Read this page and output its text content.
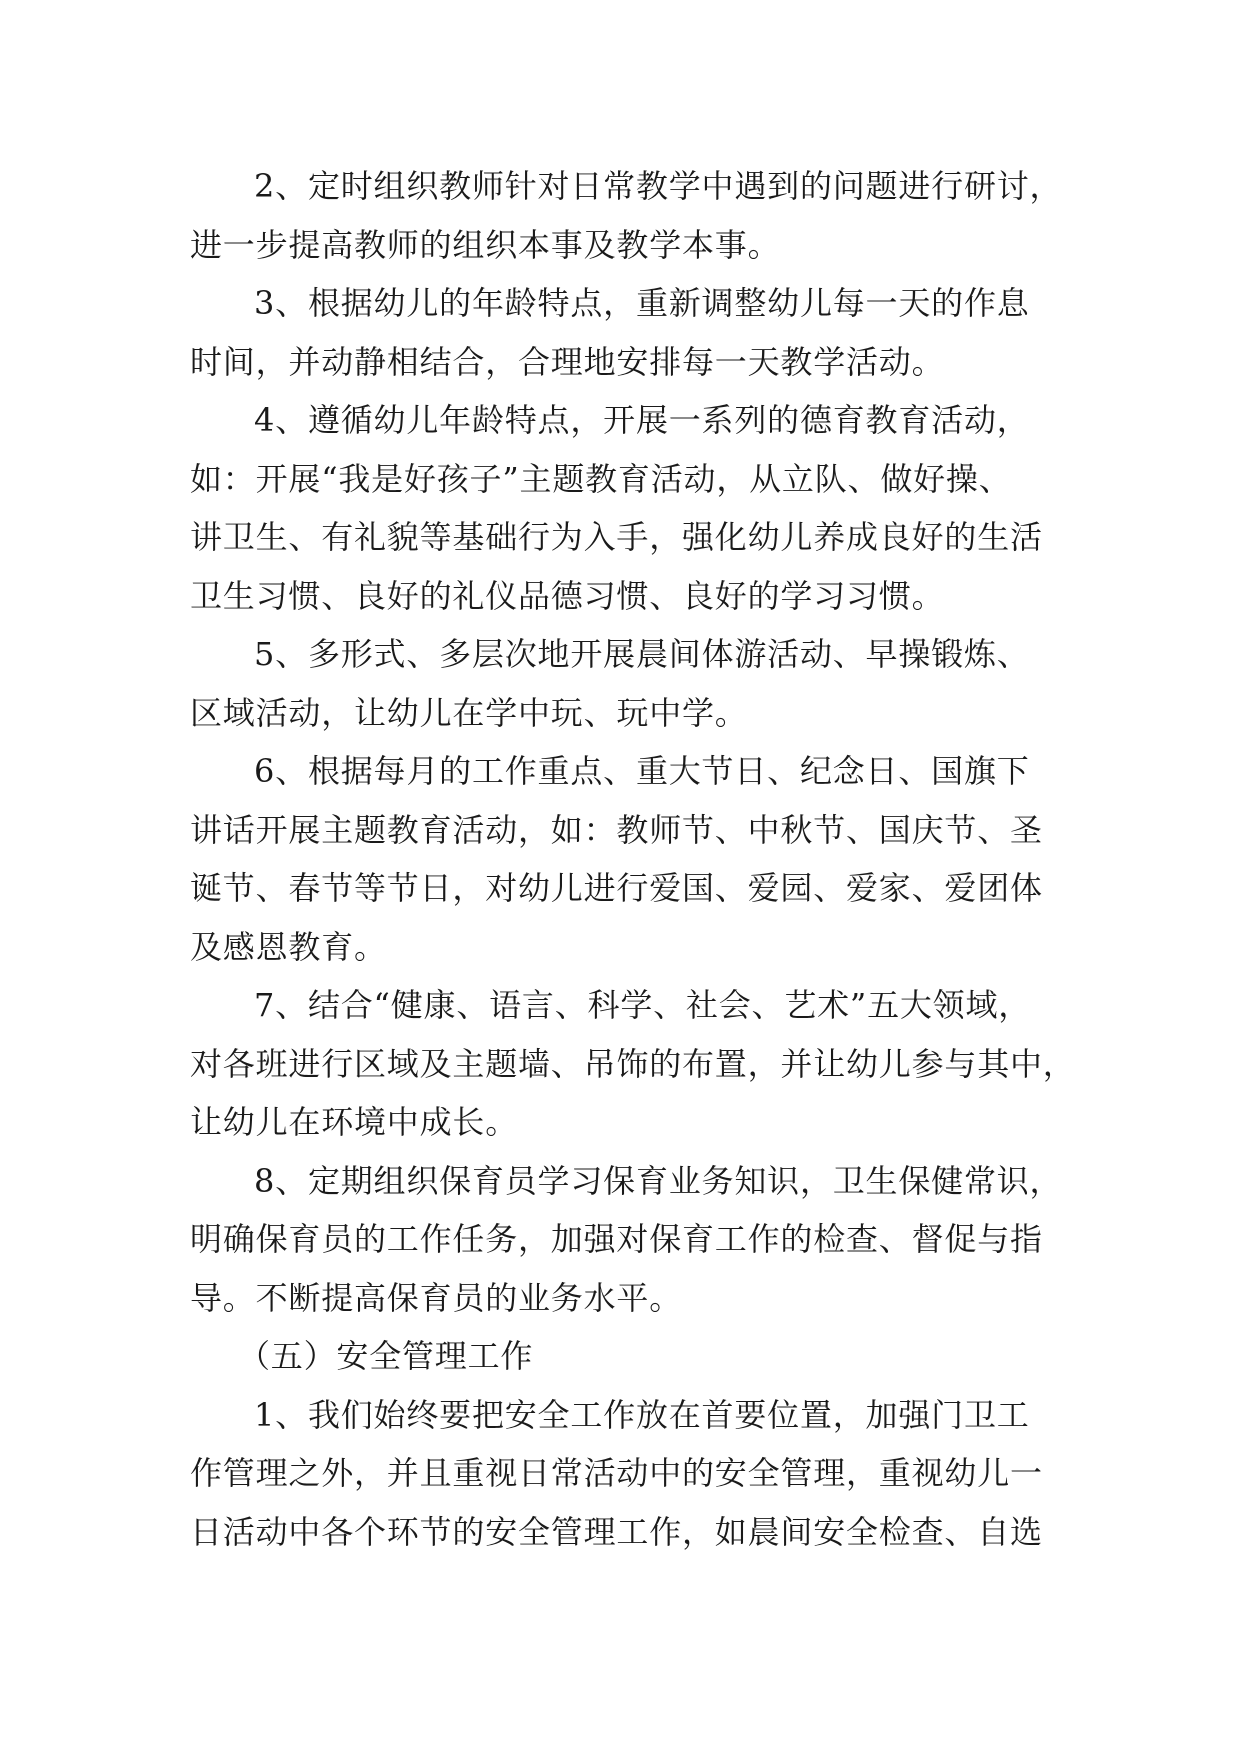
2、定时组织教师针对日常教学中遇到的问题进行研讨，
进一步提高教师的组织本事及教学本事。
3、根据幼儿的年龄特点，重新调整幼儿每一天的作息
时间，并动静相结合，合理地安排每一天教学活动。
4、遵循幼儿年龄特点，开展一系列的德育教育活动，
如：开展“我是好孩子”主题教育活动，从立队、做好操、
讲卫生、有礼貌等基础行为入手，强化幼儿养成良好的生活
卫生习惯、良好的礼仪品德习惯、良好的学习习惯。
5、多形式、多层次地开展晨间体游活动、早操锻炼、
区域活动，让幼儿在学中玩、玩中学。
6、根据每月的工作重点、重大节日、纪念日、国旗下
讲话开展主题教育活动，如：教师节、中秋节、国庆节、圣
诞节、春节等节日，对幼儿进行爱国、爱园、爱家、爱团体
及感恩教育。
7、结合“健康、语言、科学、社会、艺术”五大领域，
对各班进行区域及主题墙、吊饰的布置，并让幼儿参与其中，
让幼儿在环境中成长。
8、定期组织保育员学习保育业务知识，卫生保健常识，
明确保育员的工作任务，加强对保育工作的检查、督促与指
导。不断提高保育员的业务水平。
（五）安全管理工作
1、我们始终要把安全工作放在首要位置，加强门卫工
作管理之外，并且重视日常活动中的安全管理，重视幼儿一
日活动中各个环节的安全管理工作，如晨间安全检查、自选
